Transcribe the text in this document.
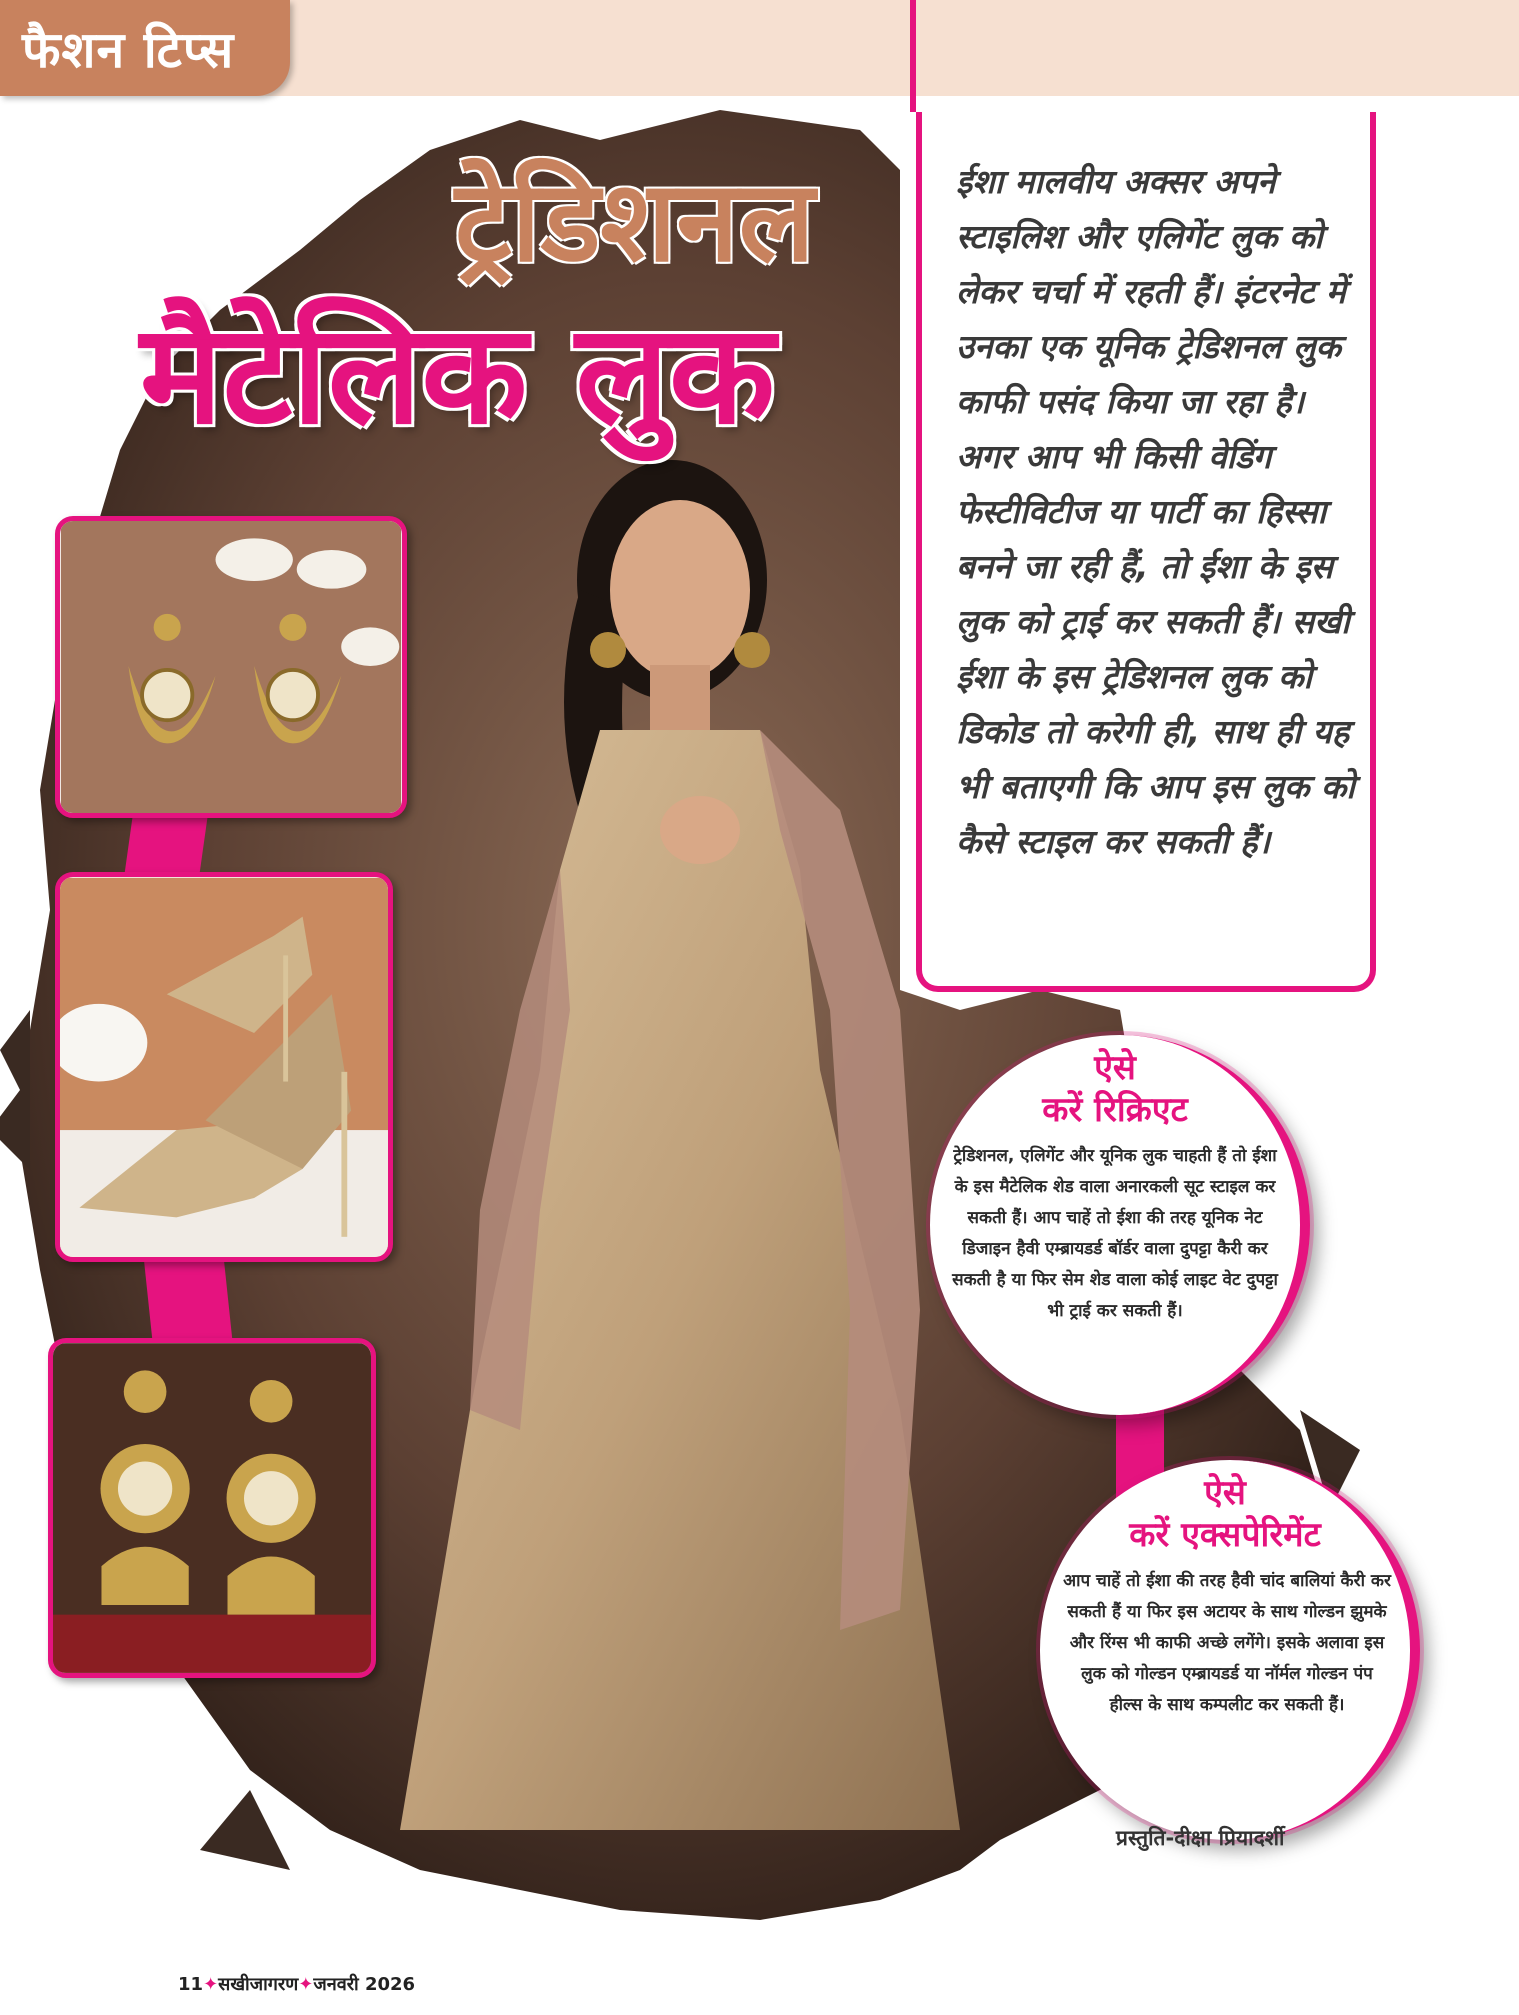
फैशन टिप्स
ट्रेडिशनल
मैटेलिक लुक

ईशा मालवीय अक्सर अपने स्टाइलिश और एलिगेंट लुक को लेकर चर्चा में रहती हैं। इंटरनेट में उनका एक यूनिक ट्रेडिशनल लुक काफी पसंद किया जा रहा है। अगर आप भी किसी वेडिंग फेस्टीविटीज या पार्टी का हिस्सा बनने जा रही हैं, तो ईशा के इस लुक को ट्राई कर सकती हैं। सखी ईशा के इस ट्रेडिशनल लुक को डिकोड तो करेगी ही, साथ ही यह भी बताएगी कि आप इस लुक को कैसे स्टाइल कर सकती हैं।

ऐसे
करें रिक्रिएट

ट्रेडिशनल, एलिगेंट और यूनिक लुक चाहती हैं तो ईशा के इस मैटेलिक शेड वाला अनारकली सूट स्टाइल कर सकती हैं। आप चाहें तो ईशा की तरह यूनिक नेट डिजाइन हैवी एम्ब्रायडर्ड बॉर्डर वाला दुपट्टा कैरी कर सकती है या फिर सेम शेड वाला कोई लाइट वेट दुपट्टा भी ट्राई कर सकती हैं।

ऐसे
करें एक्सपेरिमेंट

आप चाहें तो ईशा की तरह हैवी चांद बालियां कैरी कर सकती हैं या फिर इस अटायर के साथ गोल्डन झुमके और रिंग्स भी काफी अच्छे लगेंगे। इसके अलावा इस लुक को गोल्डन एम्ब्रायडर्ड या नॉर्मल गोल्डन पंप हील्स के साथ कम्पलीट कर सकती हैं।

प्रस्तुति-दीक्षा प्रियादर्शी
11✦सखीजागरण✦जनवरी 2026
